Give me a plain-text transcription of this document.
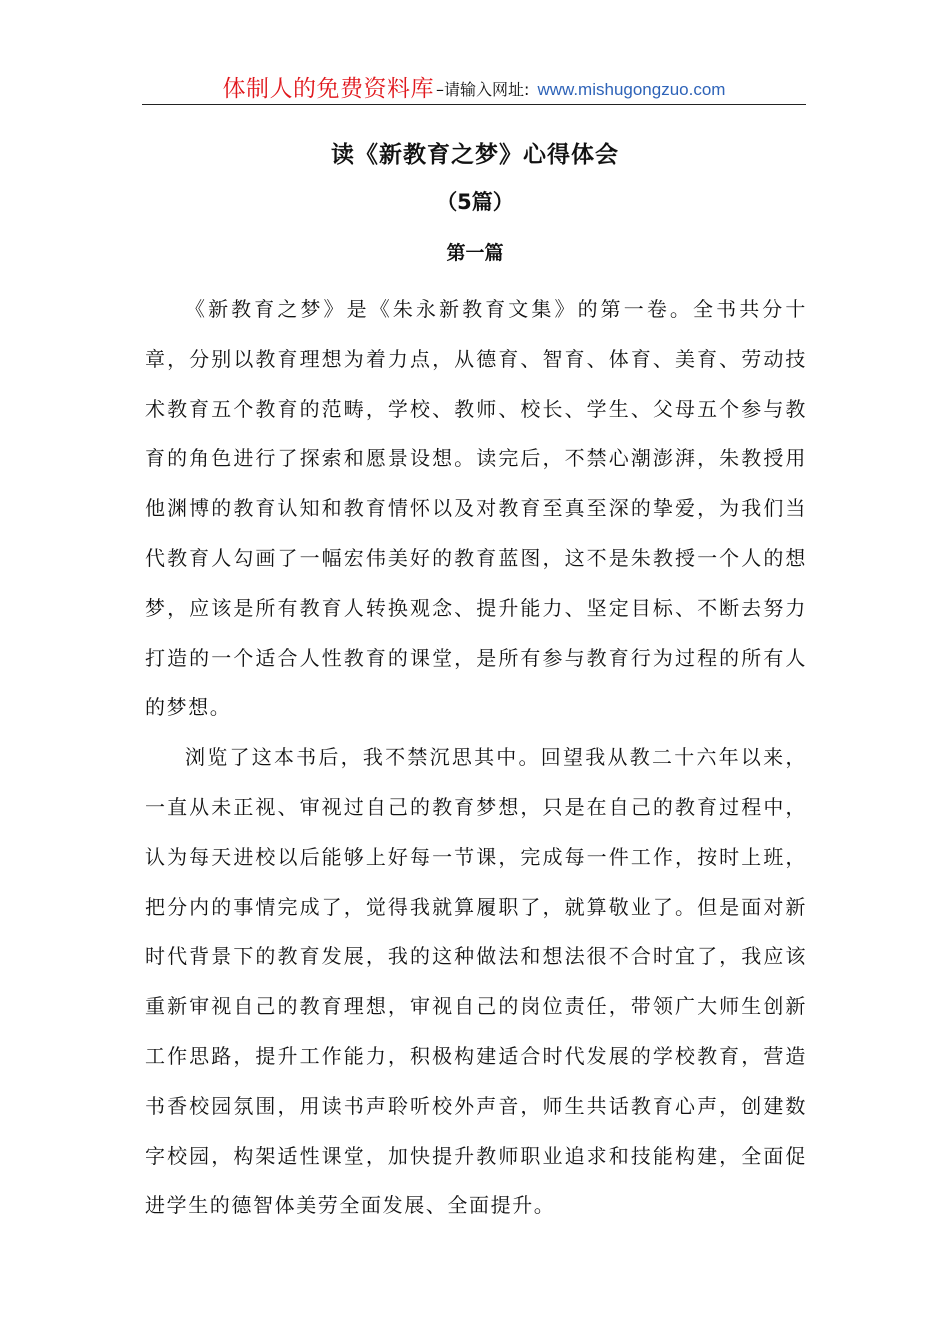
体制人的免费资料库 –请输入网址: www.mishugongzuo.com
读《新教育之梦》心得体会
（5篇）
第一篇

《新教育之梦》是《朱永新教育文集》的第一卷。全书共分十章，分别以教育理想为着力点，从德育、智育、体育、美育、劳动技术教育五个教育的范畴，学校、教师、校长、学生、父母五个参与教育的角色进行了探索和愿景设想。读完后，不禁心潮澎湃，朱教授用他渊博的教育认知和教育情怀以及对教育至真至深的挚爱，为我们当代教育人勾画了一幅宏伟美好的教育蓝图，这不是朱教授一个人的想梦，应该是所有教育人转换观念、提升能力、坚定目标、不断去努力打造的一个适合人性教育的课堂，是所有参与教育行为过程的所有人的梦想。

浏览了这本书后，我不禁沉思其中。回望我从教二十六年以来，一直从未正视、审视过自己的教育梦想，只是在自己的教育过程中，认为每天进校以后能够上好每一节课，完成每一件工作，按时上班，把分内的事情完成了，觉得我就算履职了，就算敬业了。但是面对新时代背景下的教育发展，我的这种做法和想法很不合时宜了，我应该重新审视自己的教育理想，审视自己的岗位责任，带领广大师生创新工作思路，提升工作能力，积极构建适合时代发展的学校教育，营造书香校园氛围，用读书声聆听校外声音，师生共话教育心声，创建数字校园，构架适性课堂，加快提升教师职业追求和技能构建，全面促进学生的德智体美劳全面发展、全面提升。
